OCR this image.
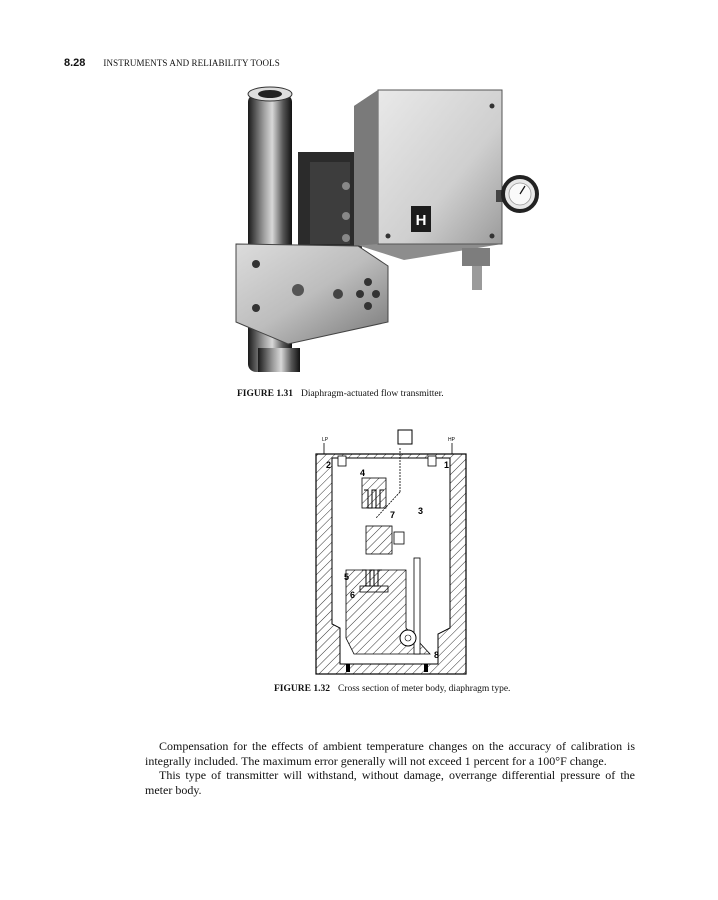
8.28 INSTRUMENTS AND RELIABILITY TOOLS
H
FIGURE 1.31 Diaphragm-actuated flow transmitter.
LP	HP
2	1
4
3
7
5
6
8
FIGURE 1.32 Cross section of meter body, diaphragm type.

Compensation for the effects of ambient temperature changes on the accuracy of calibration is integrally included. The maximum error generally will not exceed 1 percent for a 100°F change.

This type of transmitter will withstand, without damage, overrange differential pressure of the meter body.
